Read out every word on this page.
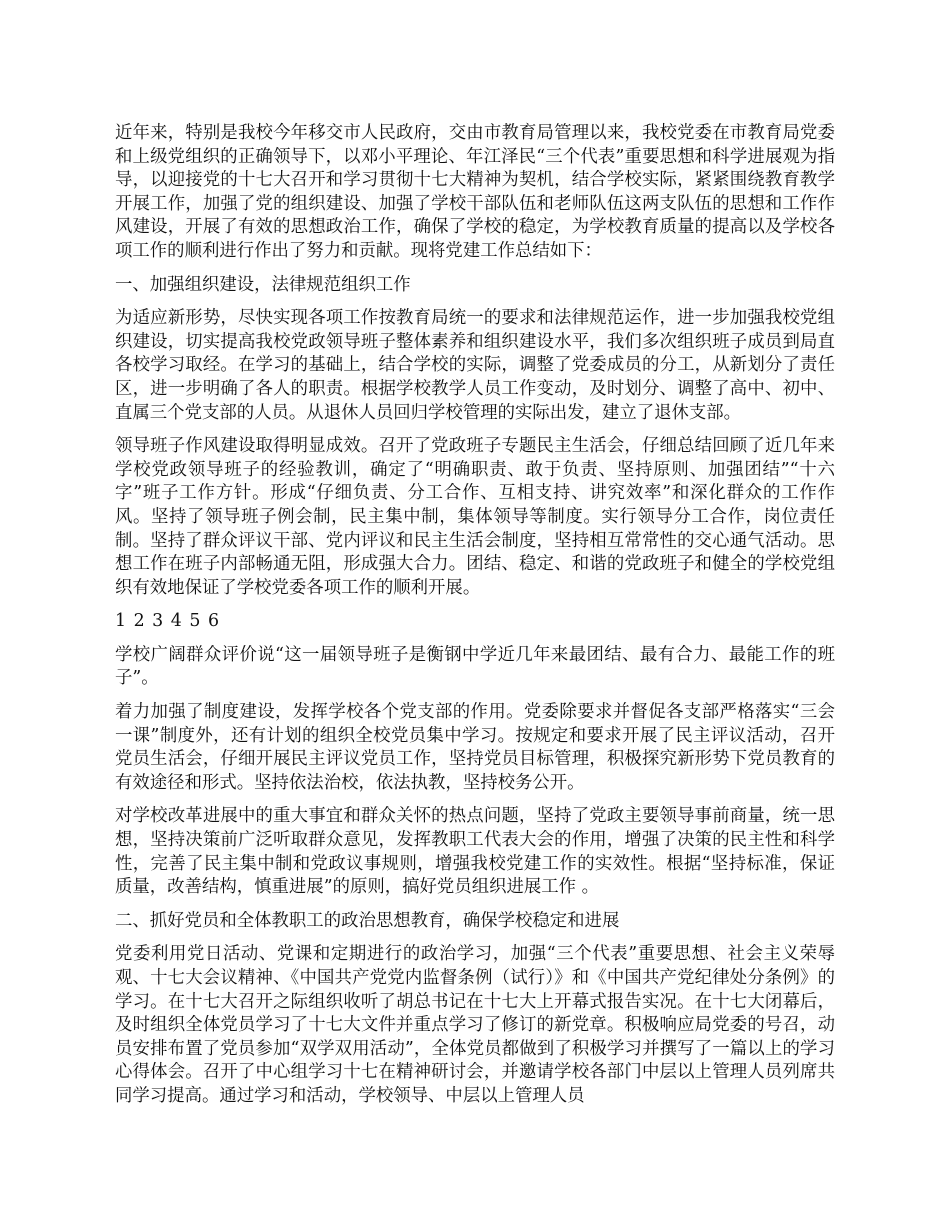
近年来，特别是我校今年移交市人民政府，交由市教育局管理以来，我校党委在市教育局党委和上级党组织的正确领导下，以邓小平理论、年江泽民“三个代表”重要思想和科学进展观为指导，以迎接党的十七大召开和学习贯彻十七大精神为契机，结合学校实际，紧紧围绕教育教学开展工作，加强了党的组织建设、加强了学校干部队伍和老师队伍这两支队伍的思想和工作作风建设，开展了有效的思想政治工作，确保了学校的稳定，为学校教育质量的提高以及学校各项工作的顺利进行作出了努力和贡献。现将党建工作总结如下：

一、加强组织建设，法律规范组织工作

为适应新形势，尽快实现各项工作按教育局统一的要求和法律规范运作，进一步加强我校党组织建设，切实提高我校党政领导班子整体素养和组织建设水平，我们多次组织班子成员到局直各校学习取经。在学习的基础上，结合学校的实际，调整了党委成员的分工，从新划分了责任区，进一步明确了各人的职责。根据学校教学人员工作变动，及时划分、调整了高中、初中、直属三个党支部的人员。从退休人员回归学校管理的实际出发，建立了退休支部。

领导班子作风建设取得明显成效。召开了党政班子专题民主生活会，仔细总结回顾了近几年来学校党政领导班子的经验教训，确定了“明确职责、敢于负责、坚持原则、加强团结”“十六字”班子工作方针。形成“仔细负责、分工合作、互相支持、讲究效率”和深化群众的工作作风。坚持了领导班子例会制，民主集中制，集体领导等制度。实行领导分工合作，岗位责任制。坚持了群众评议干部、党内评议和民主生活会制度，坚持相互常常性的交心通气活动。思想工作在班子内部畅通无阻，形成强大合力。团结、稳定、和谐的党政班子和健全的学校党组织有效地保证了学校党委各项工作的顺利开展。

1 2 3 4 5 6

学校广阔群众评价说“这一届领导班子是衡钢中学近几年来最团结、最有合力、最能工作的班子”。

着力加强了制度建设，发挥学校各个党支部的作用。党委除要求并督促各支部严格落实“三会一课”制度外，还有计划的组织全校党员集中学习。按规定和要求开展了民主评议活动，召开党员生活会，仔细开展民主评议党员工作，坚持党员目标管理，积极探究新形势下党员教育的有效途径和形式。坚持依法治校，依法执教，坚持校务公开。

对学校改革进展中的重大事宜和群众关怀的热点问题，坚持了党政主要领导事前商量，统一思想，坚持决策前广泛听取群众意见，发挥教职工代表大会的作用，增强了决策的民主性和科学性，完善了民主集中制和党政议事规则，增强我校党建工作的实效性。根据“坚持标准，保证质量，改善结构，慎重进展”的原则，搞好党员组织进展工作 。

二、抓好党员和全体教职工的政治思想教育，确保学校稳定和进展

党委利用党日活动、党课和定期进行的政治学习，加强“三个代表”重要思想、社会主义荣辱观、十七大会议精神、《中国共产党党内监督条例（试行）》和《中国共产党纪律处分条例》的学习。在十七大召开之际组织收听了胡总书记在十七大上开幕式报告实况。在十七大闭幕后，及时组织全体党员学习了十七大文件并重点学习了修订的新党章。积极响应局党委的号召，动员安排布置了党员参加“双学双用活动”，全体党员都做到了积极学习并撰写了一篇以上的学习心得体会。召开了中心组学习十七在精神研讨会，并邀请学校各部门中层以上管理人员列席共同学习提高。通过学习和活动，学校领导、中层以上管理人员
